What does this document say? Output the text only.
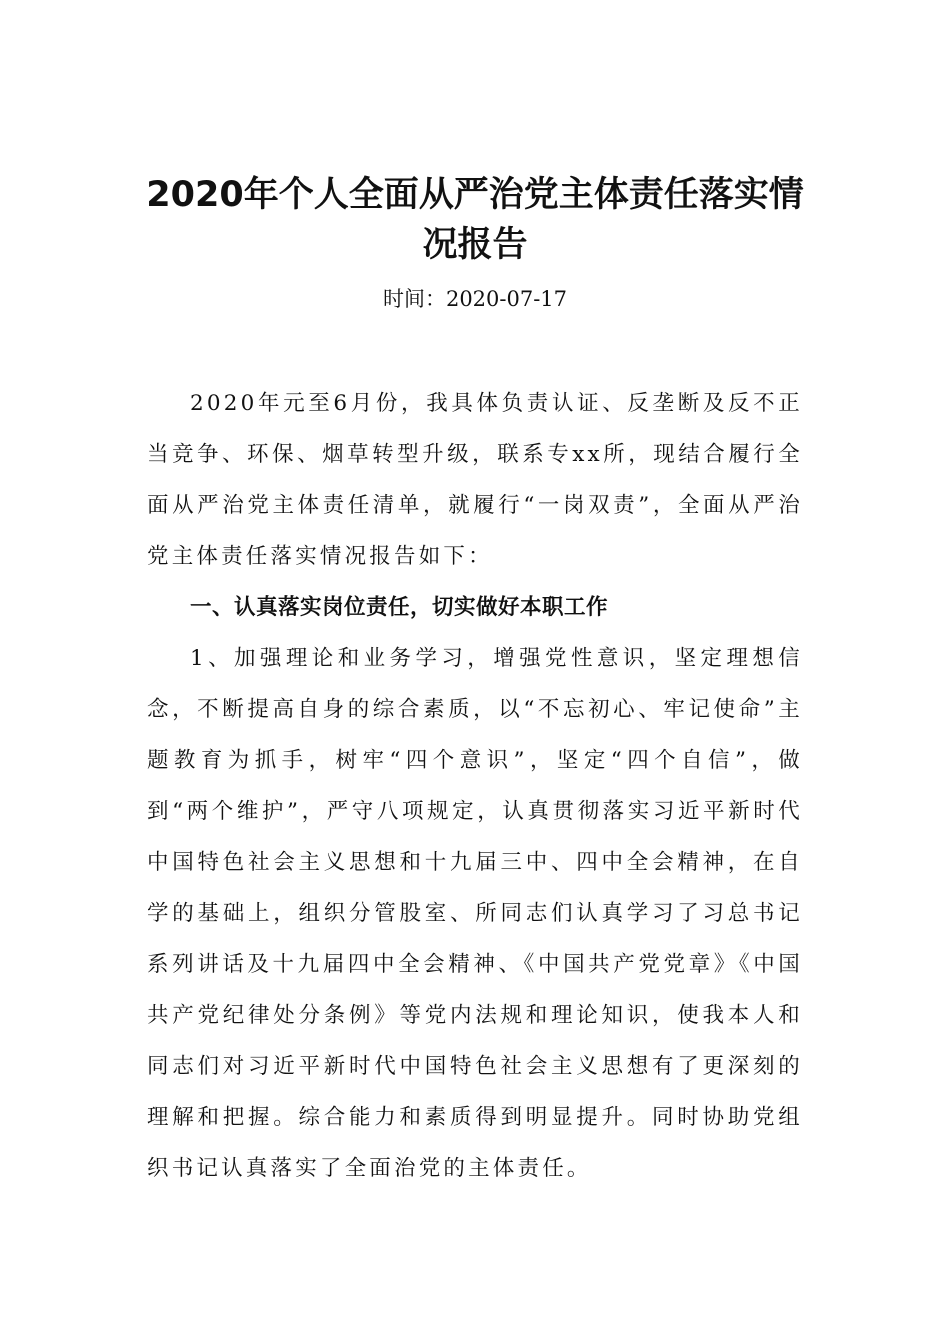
2020年个人全面从严治党主体责任落实情况报告
时间：2020-07-17

2020年元至6月份，我具体负责认证、反垄断及反不正当竞争、环保、烟草转型升级，联系专xx所，现结合履行全面从严治党主体责任清单，就履行“一岗双责”，全面从严治党主体责任落实情况报告如下：

一、认真落实岗位责任，切实做好本职工作

1、加强理论和业务学习，增强党性意识，坚定理想信念，不断提高自身的综合素质，以“不忘初心、牢记使命”主题教育为抓手，树牢“四个意识”，坚定“四个自信”，做到“两个维护”，严守八项规定，认真贯彻落实习近平新时代中国特色社会主义思想和十九届三中、四中全会精神，在自学的基础上，组织分管股室、所同志们认真学习了习总书记系列讲话及十九届四中全会精神、《中国共产党党章》《中国共产党纪律处分条例》等党内法规和理论知识，使我本人和同志们对习近平新时代中国特色社会主义思想有了更深刻的理解和把握。综合能力和素质得到明显提升。同时协助党组织书记认真落实了全面治党的主体责任。
